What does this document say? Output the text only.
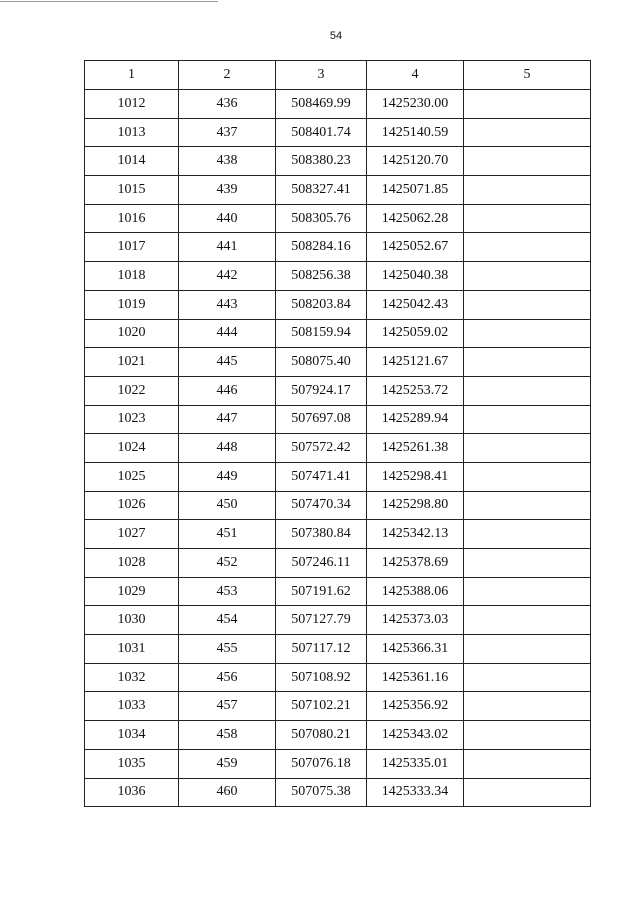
54
1	2	3	4	5
1012	436	508469.99	1425230.00	
1013	437	508401.74	1425140.59	
1014	438	508380.23	1425120.70	
1015	439	508327.41	1425071.85	
1016	440	508305.76	1425062.28	
1017	441	508284.16	1425052.67	
1018	442	508256.38	1425040.38	
1019	443	508203.84	1425042.43	
1020	444	508159.94	1425059.02	
1021	445	508075.40	1425121.67	
1022	446	507924.17	1425253.72	
1023	447	507697.08	1425289.94	
1024	448	507572.42	1425261.38	
1025	449	507471.41	1425298.41	
1026	450	507470.34	1425298.80	
1027	451	507380.84	1425342.13	
1028	452	507246.11	1425378.69	
1029	453	507191.62	1425388.06	
1030	454	507127.79	1425373.03	
1031	455	507117.12	1425366.31	
1032	456	507108.92	1425361.16	
1033	457	507102.21	1425356.92	
1034	458	507080.21	1425343.02	
1035	459	507076.18	1425335.01	
1036	460	507075.38	1425333.34	
